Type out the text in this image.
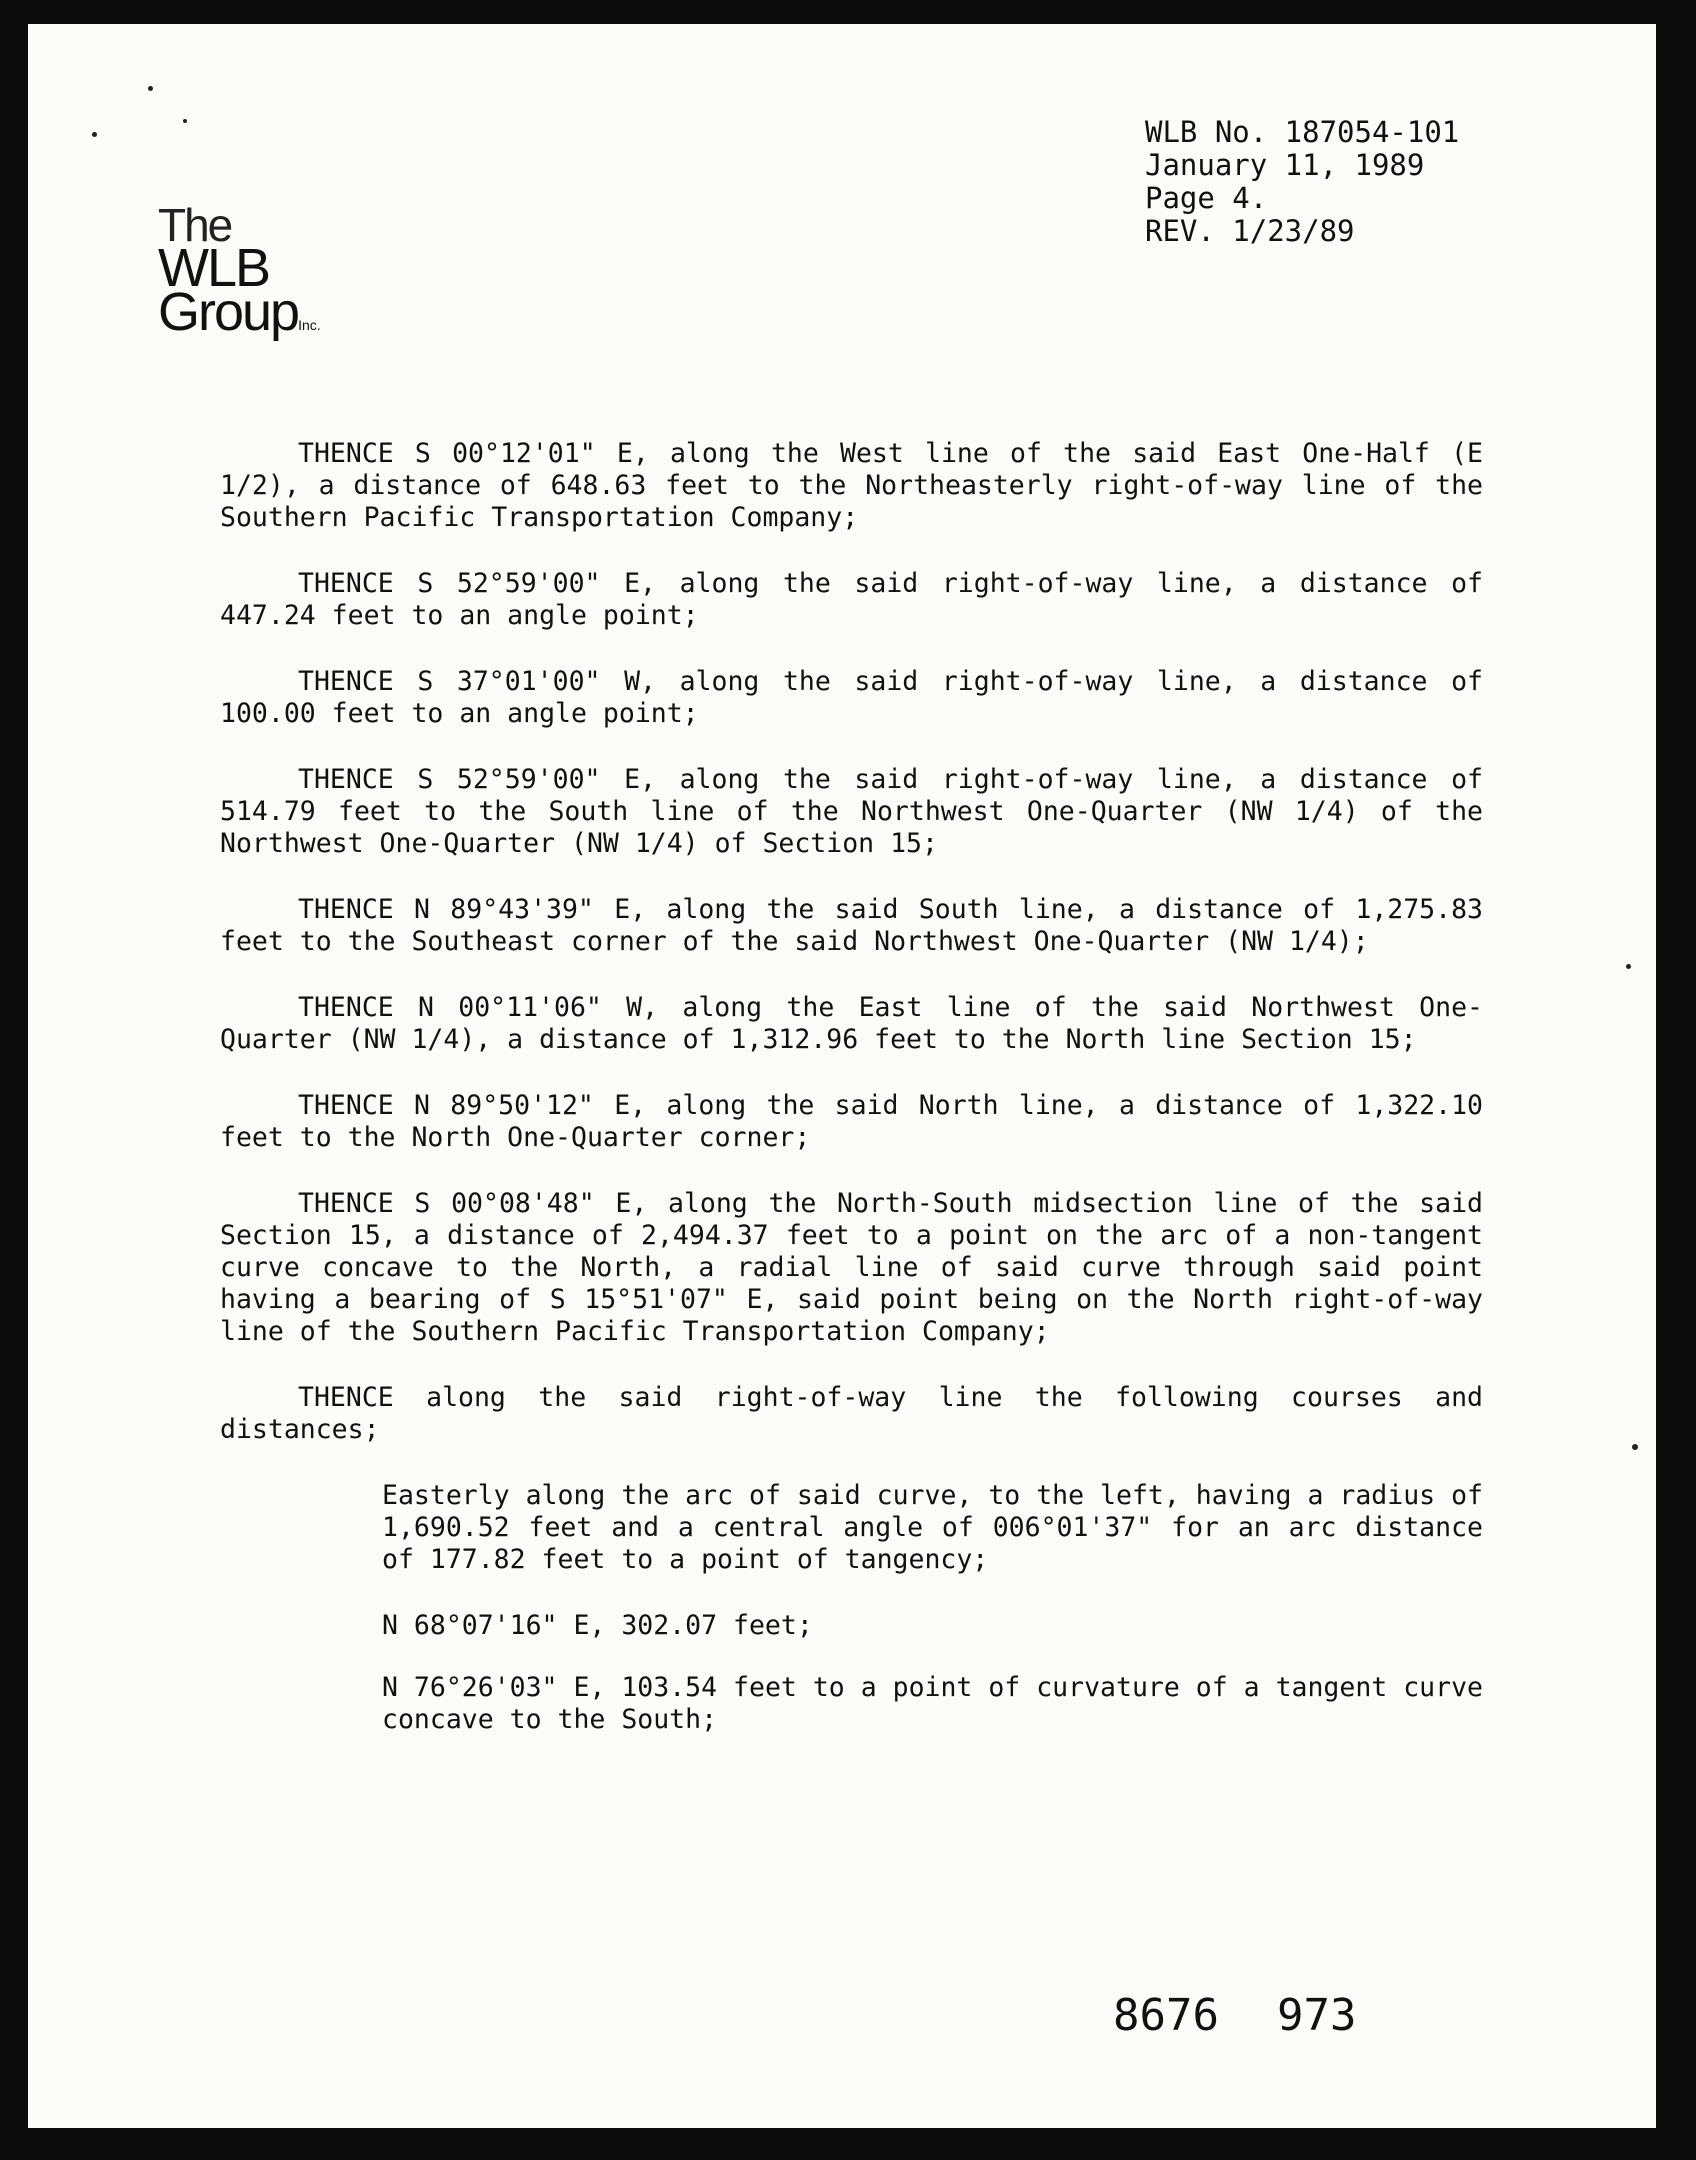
WLB No. 187054-101
January 11, 1989
Page 4.
REV. 1/23/89
The
WLB
GroupInc.

THENCE S 00°12'01" E, along the West line of the said East One-Half (E 1/2), a distance of 648.63 feet to the Northeasterly right-of-way line of the Southern Pacific Transportation Company;

THENCE S 52°59'00" E, along the said right-of-way line, a distance of 447.24 feet to an angle point;

THENCE S 37°01'00" W, along the said right-of-way line, a distance of 100.00 feet to an angle point;

THENCE S 52°59'00" E, along the said right-of-way line, a distance of 514.79 feet to the South line of the Northwest One-Quarter (NW 1/4) of the Northwest One-Quarter (NW 1/4) of Section 15;

THENCE N 89°43'39" E, along the said South line, a distance of 1,275.83 feet to the Southeast corner of the said Northwest One-Quarter (NW 1/4);

THENCE N 00°11'06" W, along the East line of the said Northwest One-Quarter (NW 1/4), a distance of 1,312.96 feet to the North line Section 15;

THENCE N 89°50'12" E, along the said North line, a distance of 1,322.10 feet to the North One-Quarter corner;

THENCE S 00°08'48" E, along the North-South midsection line of the said Section 15, a distance of 2,494.37 feet to a point on the arc of a non-tangent curve concave to the North, a radial line of said curve through said point having a bearing of S 15°51'07" E, said point being on the North right-of-way line of the Southern Pacific Transportation Company;

THENCE along the said right-of-way line the following courses and distances;

Easterly along the arc of said curve, to the left, having a radius of 1,690.52 feet and a central angle of 006°01'37" for an arc distance of 177.82 feet to a point of tangency;

N 68°07'16" E, 302.07 feet;

N 76°26'03" E, 103.54 feet to a point of curvature of a tangent curve concave to the South;

8676 973
